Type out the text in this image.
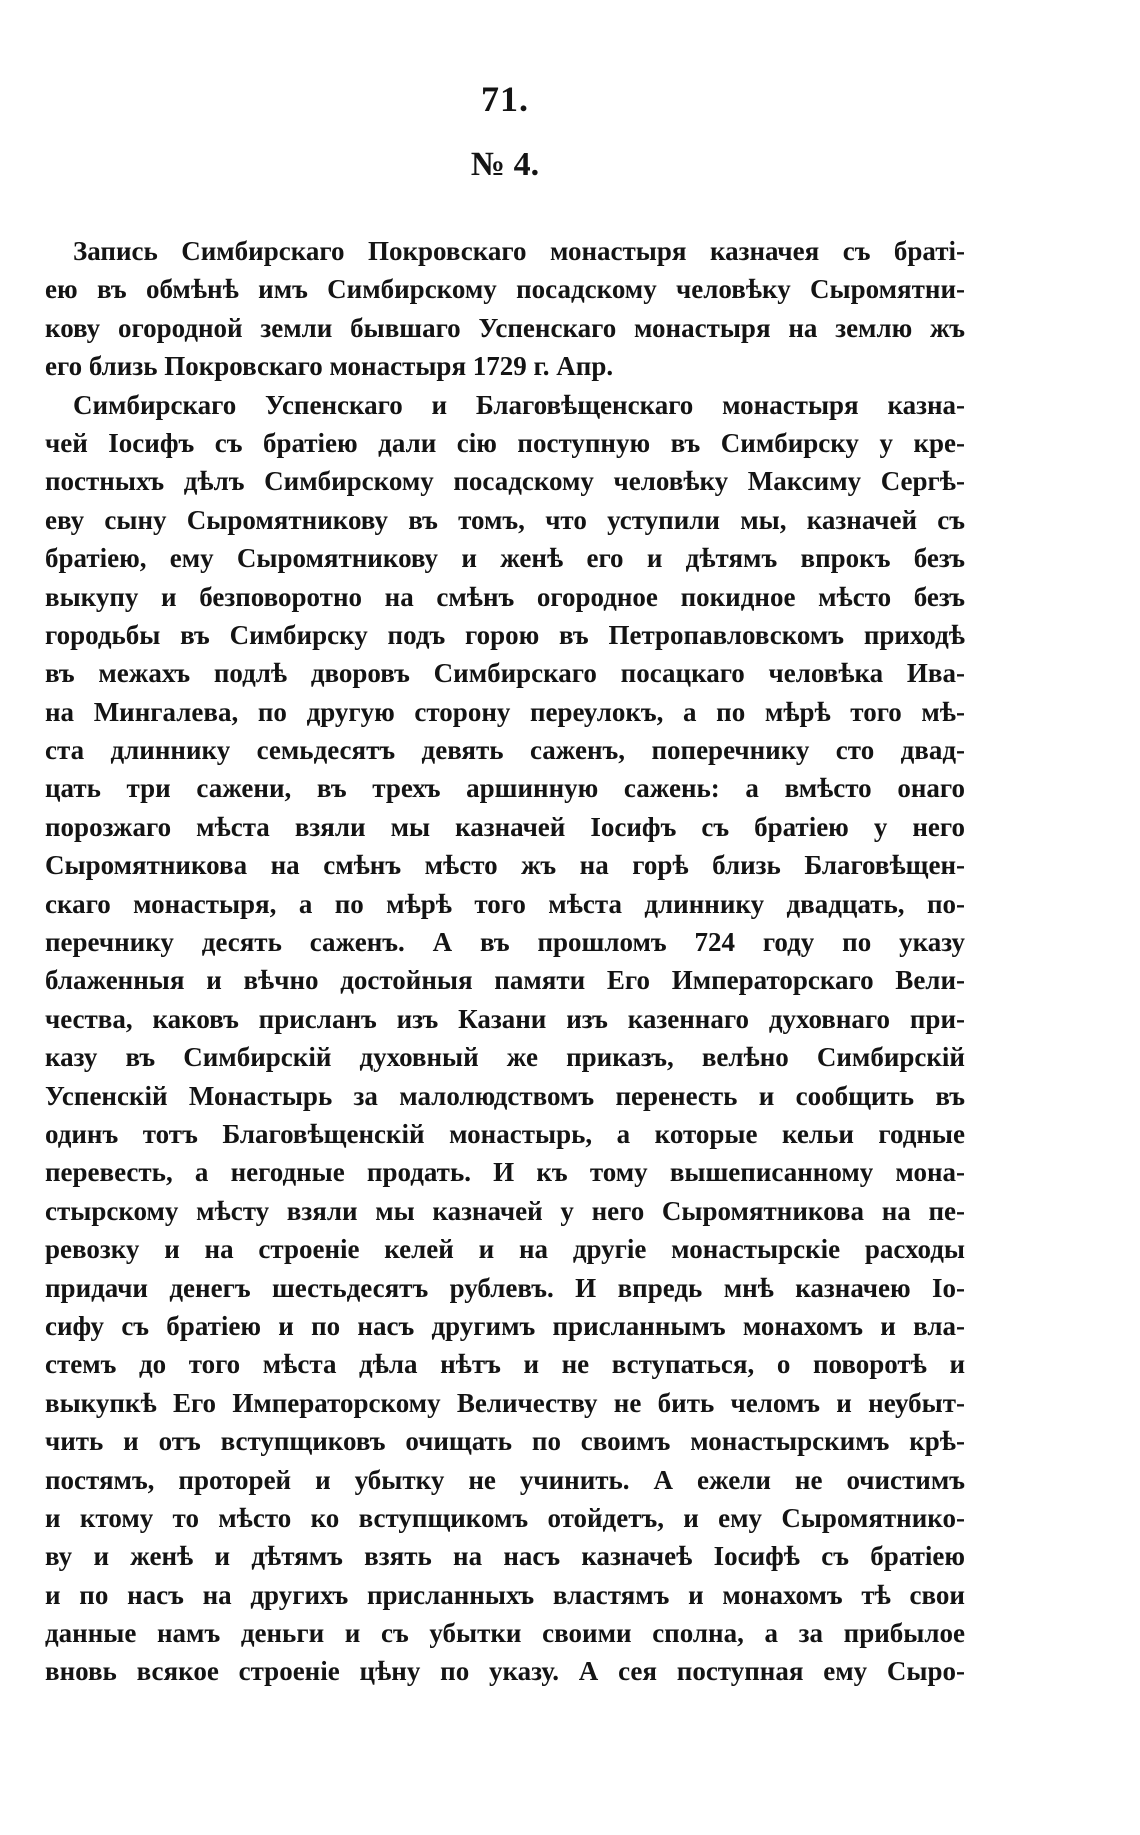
71.
№ 4.
Запись Симбирскаго Покровскаго монастыря казначея съ браті-
ею въ обмѣнѣ имъ Симбирскому посадскому человѣку Сыромятни-
кову огородной земли бывшаго Успенскаго монастыря на землю жъ
его близь Покровскаго монастыря 1729 г. Апр.
Симбирскаго Успенскаго и Благовѣщенскаго монастыря казна-
чей Іосифъ съ братіею дали сію поступную въ Симбирску у кре-
постныхъ дѣлъ Симбирскому посадскому человѣку Максиму Сергѣ-
еву сыну Сыромятникову въ томъ, что уступили мы, казначей съ
братіею, ему Сыромятникову и женѣ его и дѣтямъ впрокъ безъ
выкупу и безповоротно на смѣнъ огородное покидное мѣсто безъ
городьбы въ Симбирску подъ горою въ Петропавловскомъ приходѣ
въ межахъ подлѣ дворовъ Симбирскаго посацкаго человѣка Ива-
на Мингалева, по другую сторону переулокъ, а по мѣрѣ того мѣ-
ста длиннику семьдесятъ девять саженъ, поперечнику сто двад-
цать три сажени, въ трехъ аршинную сажень: а вмѣсто онаго
порозжаго мѣста взяли мы казначей Іосифъ съ братіею у него
Сыромятникова на смѣнъ мѣсто жъ на горѣ близь Благовѣщен-
скаго монастыря, а по мѣрѣ того мѣста длиннику двадцать, по-
перечнику десять саженъ. А въ прошломъ 724 году по указу
блаженныя и вѣчно достойныя памяти Его Императорскаго Вели-
чества, каковъ присланъ изъ Казани изъ казеннаго духовнаго при-
казу въ Симбирскій духовный же приказъ, велѣно Симбирскій
Успенскій Монастырь за малолюдствомъ перенесть и сообщить въ
одинъ тотъ Благовѣщенскій монастырь, а которые кельи годные
перевесть, а негодные продать. И къ тому вышеписанному мона-
стырскому мѣсту взяли мы казначей у него Сыромятникова на пе-
ревозку и на строеніе келей и на другіе монастырскіе расходы
придачи денегъ шестьдесятъ рублевъ. И впредь мнѣ казначею Іо-
сифу съ братіею и по насъ другимъ присланнымъ монахомъ и вла-
стемъ до того мѣста дѣла нѣтъ и не вступаться, о поворотѣ и
выкупкѣ Его Императорскому Величеству не бить челомъ и неубыт-
чить и отъ вступщиковъ очищать по своимъ монастырскимъ крѣ-
постямъ, проторей и убытку не учинить. А ежели не очистимъ
и ктому то мѣсто ко вступщикомъ отойдетъ, и ему Сыромятнико-
ву и женѣ и дѣтямъ взять на насъ казначеѣ Іосифѣ съ братіею
и по насъ на другихъ присланныхъ властямъ и монахомъ тѣ свои
данные намъ деньги и съ убытки своими сполна, а за прибылое
вновь всякое строеніе цѣну по указу. А сея поступная ему Сыро-
